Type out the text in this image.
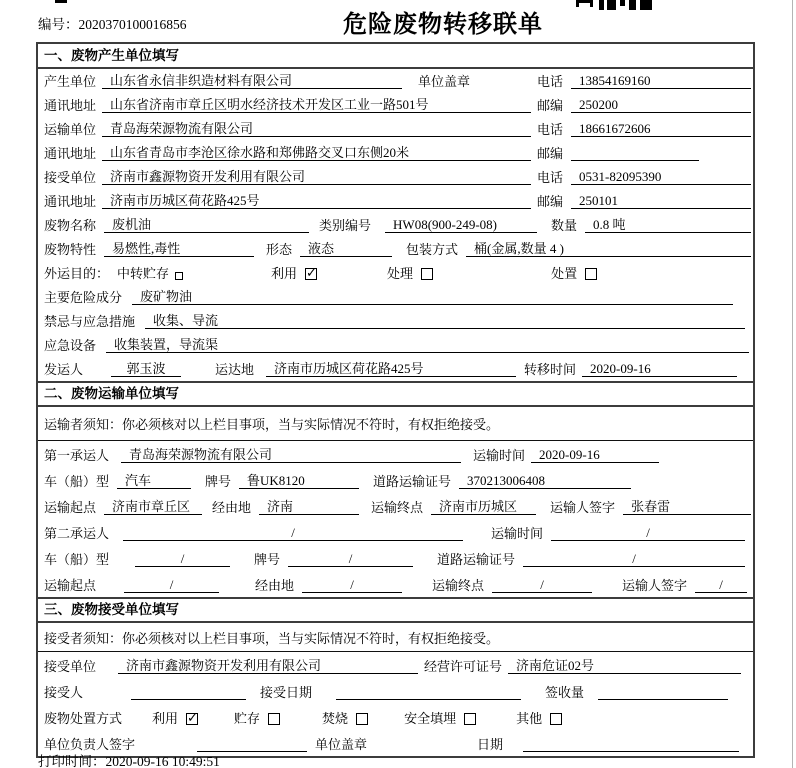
编号：2020370100016856	危险废物转移联单
一、废物产生单位填写
产生单位	山东省永信非织造材料有限公司	单位盖章	电话	13854169160
通讯地址	山东省济南市章丘区明水经济技术开发区工业一路501号	邮编	250200
运输单位	青岛海荣源物流有限公司	电话	18661672606
通讯地址	山东省青岛市李沧区徐水路和郑佛路交叉口东侧20米	邮编
接受单位	济南市鑫源物资开发利用有限公司	电话	0531-82095390
通讯地址	济南市历城区荷花路425号	邮编	250101
废物名称	废机油	类别编号	HW08(900-249-08)	数量	0.8 吨
废物特性	易燃性,毒性	形态	液态	包装方式	桶(金属,数量 4 )
外运目的： 中转贮存	利用 ✓	处理	处置
主要危险成分	废矿物油
禁忌与应急措施	收集、导流
应急设备	收集装置，导流渠
发运人	郭玉波	运达地	济南市历城区荷花路425号	转移时间	2020-09-16
二、废物运输单位填写
运输者须知：你必须核对以上栏目事项，当与实际情况不符时，有权拒绝接受。
第一承运人	青岛海荣源物流有限公司	运输时间	2020-09-16
车（船）型	汽车	牌号	鲁UK8120	道路运输证号	370213006408
运输起点	济南市章丘区	经由地	济南	运输终点	济南市历城区	运输人签字	张春雷
第二承运人	/	运输时间	/
车（船）型	/	牌号	/	道路运输证号	/
运输起点	/	经由地	/	运输终点	/	运输人签字	/
三、废物接受单位填写
接受者须知：你必须核对以上栏目事项，当与实际情况不符时，有权拒绝接受。
接受单位	济南市鑫源物资开发利用有限公司	经营许可证号	济南危证02号
接受人	接受日期	签收量
废物处置方式 利用 ✓	贮存	焚烧	安全填埋	其他
单位负责人签字	单位盖章	日期
打印时间：2020-09-16 10:49:51
